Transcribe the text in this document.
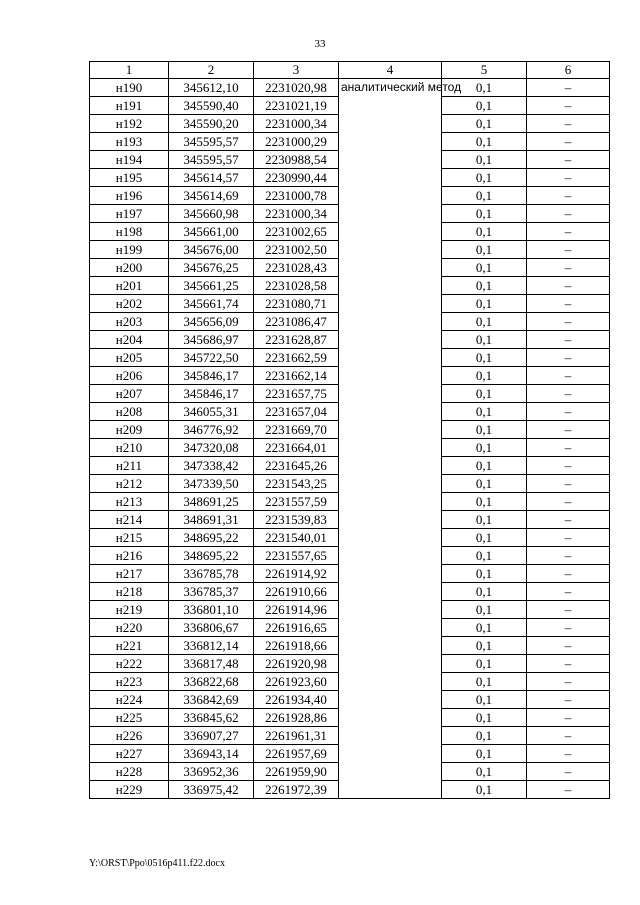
33
1	2	3	4	5	6
н190	345612,10	2231020,98	аналитический метод	0,1	–
н191	345590,40	2231021,19		0,1	–
н192	345590,20	2231000,34		0,1	–
н193	345595,57	2231000,29		0,1	–
н194	345595,57	2230988,54		0,1	–
н195	345614,57	2230990,44		0,1	–
н196	345614,69	2231000,78		0,1	–
н197	345660,98	2231000,34		0,1	–
н198	345661,00	2231002,65		0,1	–
н199	345676,00	2231002,50		0,1	–
н200	345676,25	2231028,43		0,1	–
н201	345661,25	2231028,58		0,1	–
н202	345661,74	2231080,71		0,1	–
н203	345656,09	2231086,47		0,1	–
н204	345686,97	2231628,87		0,1	–
н205	345722,50	2231662,59		0,1	–
н206	345846,17	2231662,14		0,1	–
н207	345846,17	2231657,75		0,1	–
н208	346055,31	2231657,04		0,1	–
н209	346776,92	2231669,70		0,1	–
н210	347320,08	2231664,01		0,1	–
н211	347338,42	2231645,26		0,1	–
н212	347339,50	2231543,25		0,1	–
н213	348691,25	2231557,59		0,1	–
н214	348691,31	2231539,83		0,1	–
н215	348695,22	2231540,01		0,1	–
н216	348695,22	2231557,65		0,1	–
н217	336785,78	2261914,92		0,1	–
н218	336785,37	2261910,66		0,1	–
н219	336801,10	2261914,96		0,1	–
н220	336806,67	2261916,65		0,1	–
н221	336812,14	2261918,66		0,1	–
н222	336817,48	2261920,98		0,1	–
н223	336822,68	2261923,60		0,1	–
н224	336842,69	2261934,40		0,1	–
н225	336845,62	2261928,86		0,1	–
н226	336907,27	2261961,31		0,1	–
н227	336943,14	2261957,69		0,1	–
н228	336952,36	2261959,90		0,1	–
н229	336975,42	2261972,39		0,1	–
Y:\ORST\Ppo\0516p411.f22.docx
